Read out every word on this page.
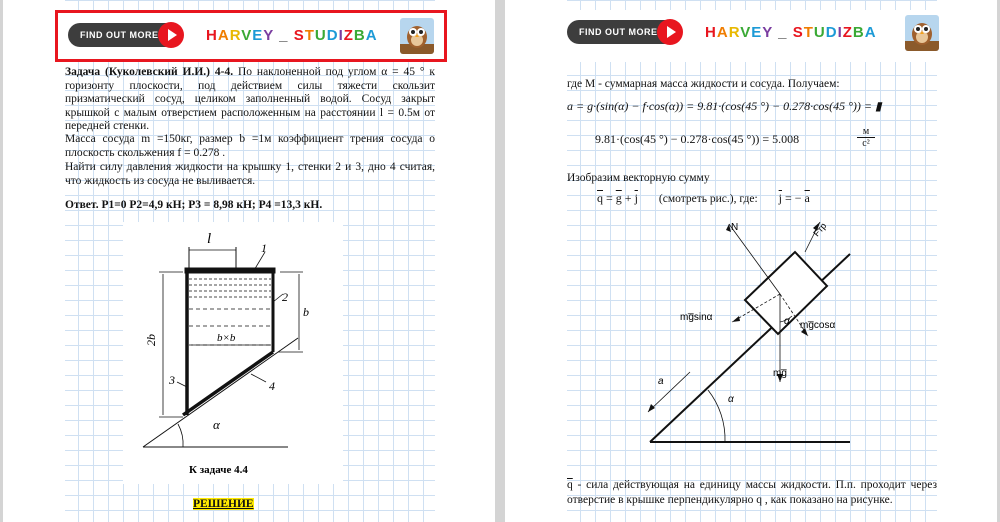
FIND OUT MORE	HARVEY _ STUDIZBA
Задача (Куколевский И.И.) 4-4. По наклоненной под углом α = 45 ° к горизонту плоскости, под действием силы тяжести скользит призматический сосуд, целиком заполненный водой. Сосуд закрыт крышкой с малым отверстием расположенным на расстоянии l = 0.5м от передней стенки.
Масса сосуда m =150кг, размер b =1м коэффициент трения сосуда о плоскость скольжения f = 0.278 .
Найти силу давления жидкости на крышку 1, стенки 2 и 3, дно 4 считая, что жидкость из сосуда не выливается.
Ответ. P1=0 P2=4,9 кН; P3 = 8,98 кН; P4 =13,3 кН.
l
1
2
3	4
2b
b
b×b
α
К задаче 4.4
РЕШЕНИЕ
FIND OUT MORE	HARVEY _ STUDIZBA
где M - суммарная масса жидкости и сосуда. Получаем:
a = g·(sin(α) − f·cos(α)) = 9.81·(cos(45 °) − 0.278·cos(45 °)) = ▮
9.81·(cos(45 °) − 0.278·cos(45 °)) = 5.008
м
c²
Изобразим векторную сумму
$\overline{q} = \overline{g} + \overline{j}$ (смотреть рис.), где: $\overline{j}$ = − $\overline{a}$
N	Fтр
mg̅sinα
mg̅cosα
mg̅
α
α
a
$\overline{q}$ - сила действующая на единицу массы жидкости. П.п. проходит через отверстие в крышке перпендикулярно q , как показано на рисунке.
